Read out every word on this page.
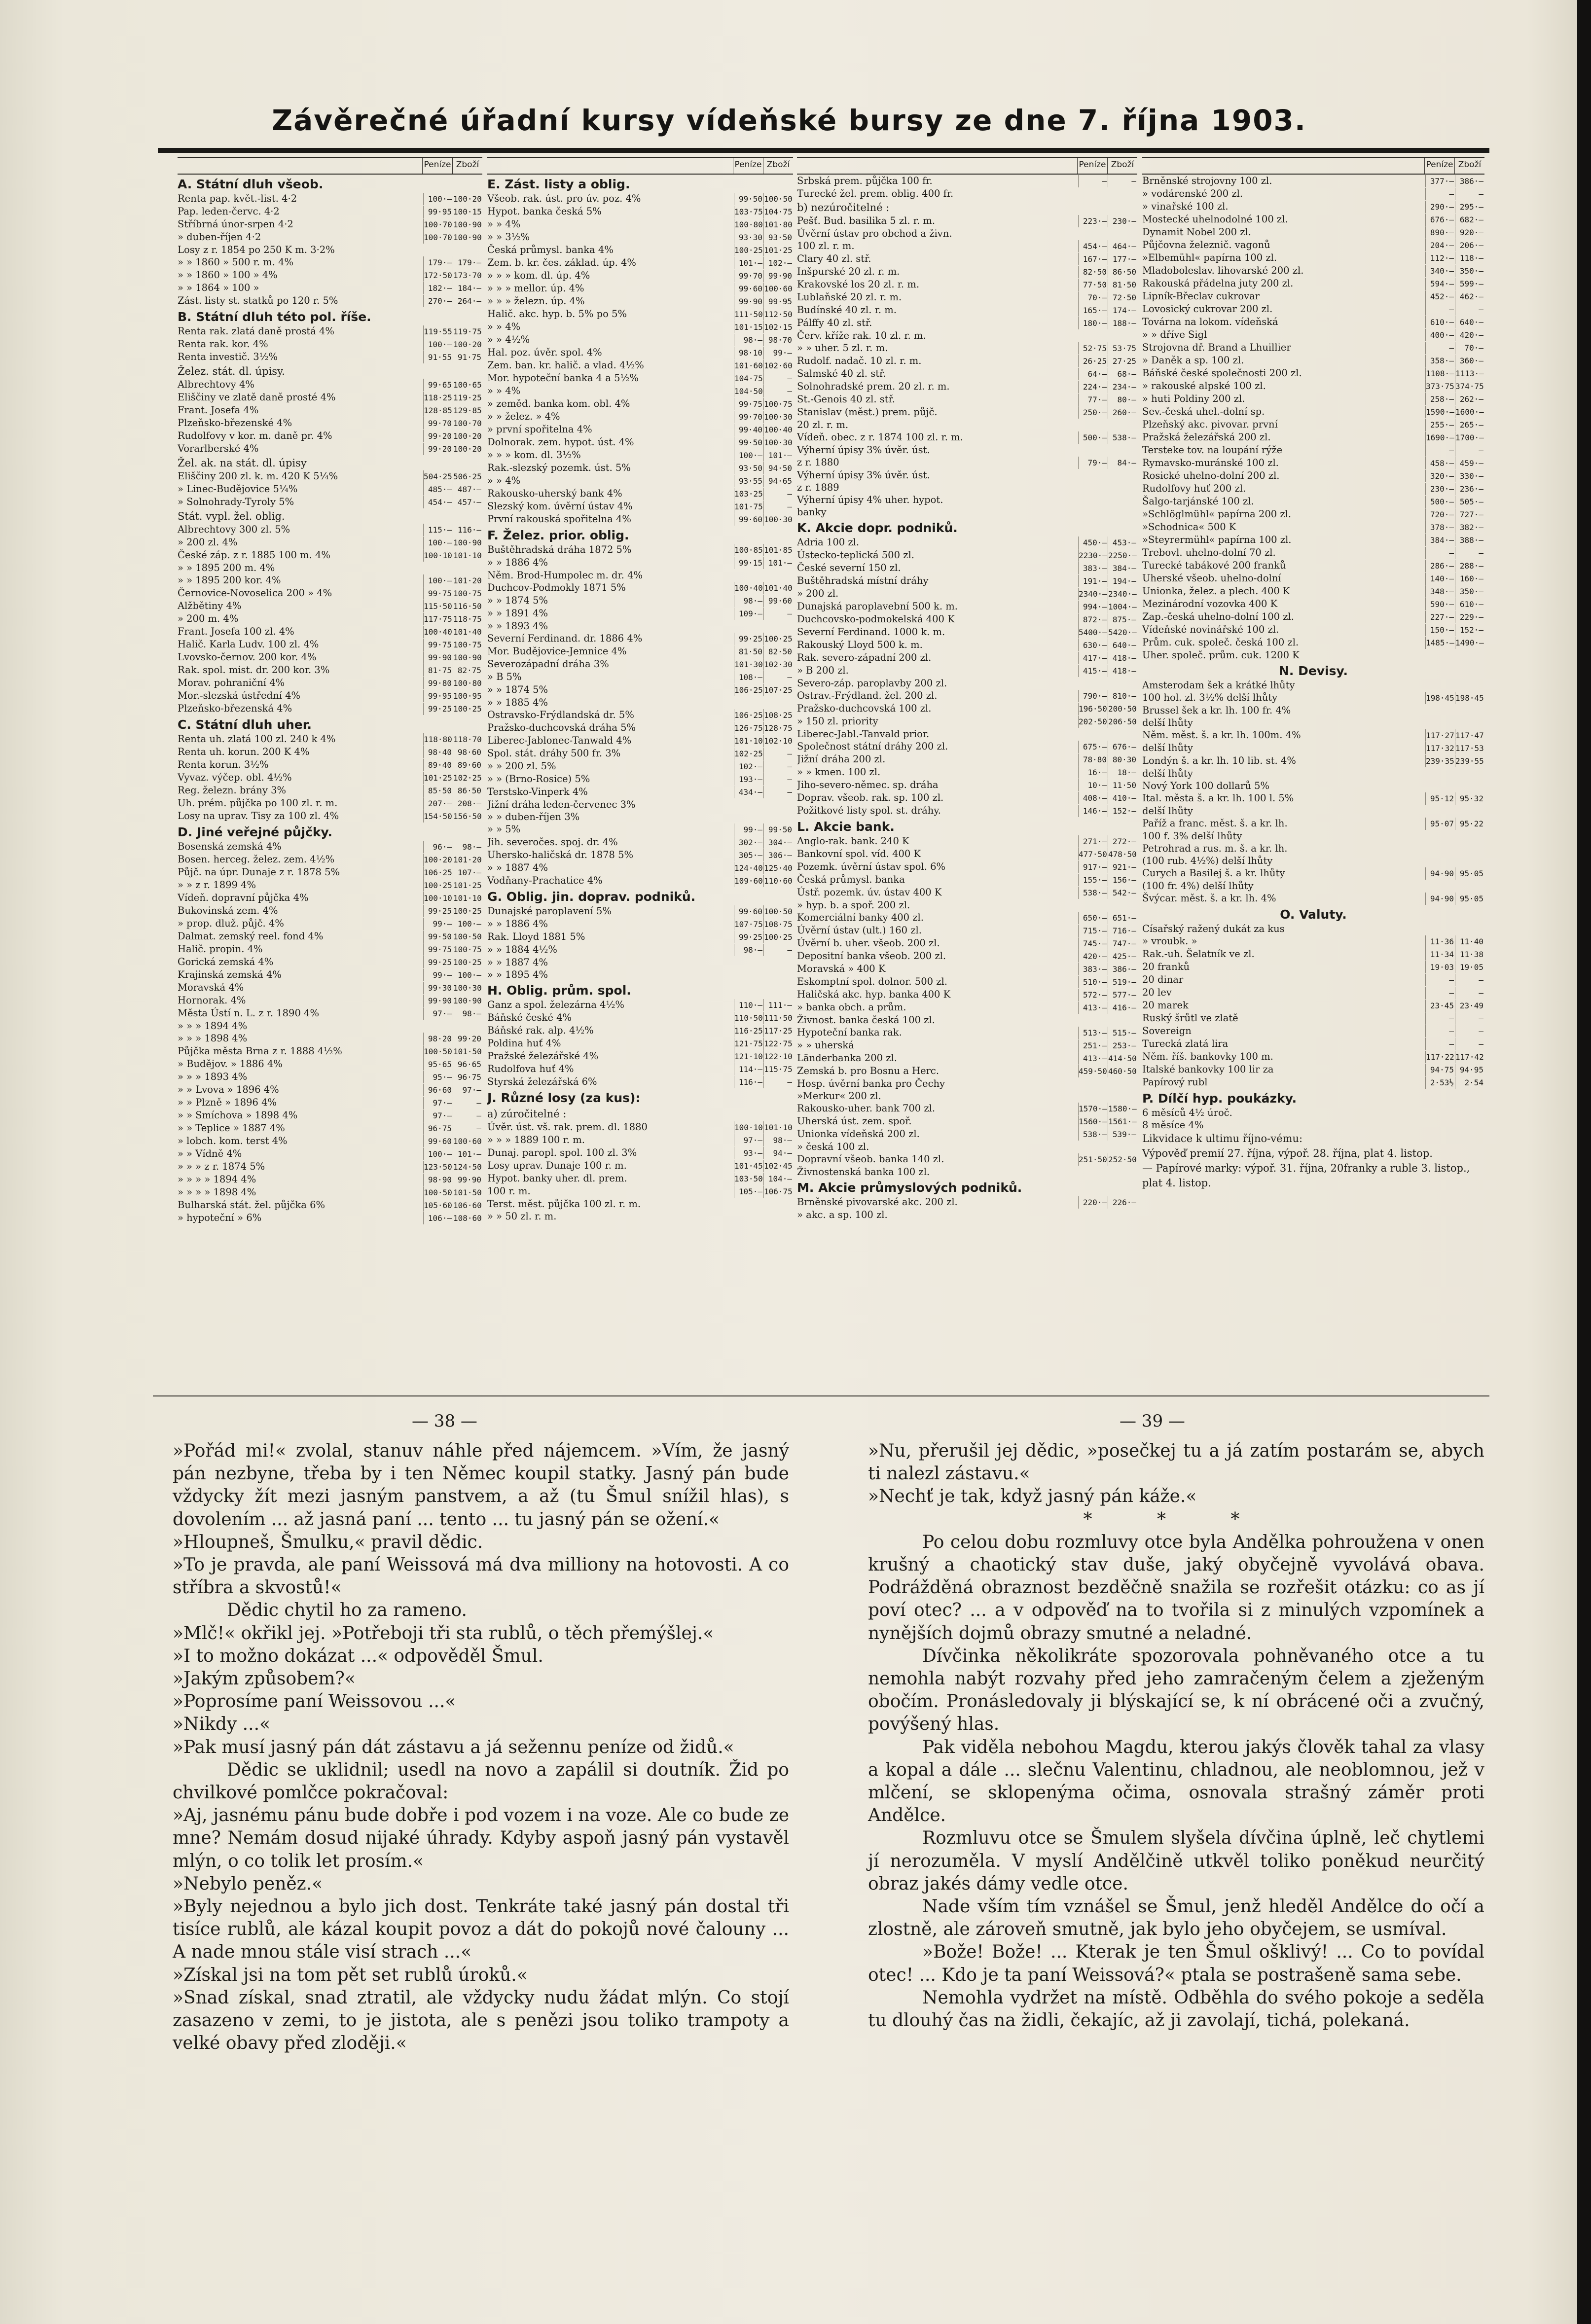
Závěrečné úřadní kursy vídeňské bursy ze dne 7. října 1903.
Peníze Zboží
A. Státní dluh všeob.
Renta pap. květ.-list. 4·2	100·— 100·20
Pap. leden-červc. 4·2	99·95 100·15
Stříbrná únor-srpen 4·2	100·70 100·90
» duben-říjen 4·2	100·70 100·90
Losy z r. 1854 po 250 K m. 3·2%
» » 1860 » 500 r. m. 4%	179·— 179·—
» » 1860 » 100 » 4%	172·50 173·70
» » 1864 » 100 »	182·— 184·—
Zást. listy st. statků po 120 r. 5%	270·— 264·—
B. Státní dluh této pol. říše.
Renta rak. zlatá daně prostá 4%	119·55 119·75
Renta rak. kor. 4%	100·— 100·20
Renta investič. 3½%	91·55 91·75
Želez. stát. dl. úpisy.
Albrechtovy 4%	99·65 100·65
Eliščiny ve zlatě daně prosté 4%	118·25 119·25
Frant. Josefa 4%	128·85 129·85
Plzeňsko-březenské 4%	99·70 100·70
Rudolfovy v kor. m. daně pr. 4%	99·20 100·20
Vorarlberské 4%	99·20 100·20
Žel. ak. na stát. dl. úpisy
Eliščiny 200 zl. k. m. 420 K 5¼%	504·25 506·25
» Linec-Budějovice 5¼%	485·— 487·—
» Solnohrady-Tyroly 5%	454·— 457·—
Stát. vypl. žel. oblig.
Albrechtovy 300 zl. 5%	115·— 116·—
» 200 zl. 4%	100·— 100·90
České záp. z r. 1885 100 m. 4%	100·10 101·10
» » 1895 200 m. 4%
» » 1895 200 kor. 4%	100·— 101·20
Černovice-Novoselica 200 » 4%	99·75 100·75
Alžbětiny 4%	115·50 116·50
» 200 m. 4%	117·75 118·75
Frant. Josefa 100 zl. 4%	100·40 101·40
Halič. Karla Ludv. 100 zl. 4%	99·75 100·75
Lvovsko-černov. 200 kor. 4%	99·90 100·90
Rak. spol. mist. dr. 200 kor. 3%	81·75 82·75
Morav. pohraniční 4%	99·80 100·80
Mor.-slezská ústřední 4%	99·95 100·95
Plzeňsko-březenská 4%	99·25 100·25
C. Státní dluh uher.
Renta uh. zlatá 100 zl. 240 k 4%	118·80 118·70
Renta uh. korun. 200 K 4%	98·40 98·60
Renta korun. 3½%	89·40 89·60
Vyvaz. výčep. obl. 4½%	101·25 102·25
Reg. železn. brány 3%	85·50 86·50
Uh. prém. půjčka po 100 zl. r. m.	207·— 208·—
Losy na uprav. Tisy za 100 zl. 4%	154·50 156·50
D. Jiné veřejné půjčky.
Bosenská zemská 4%	96·—	98·—
Bosen. herceg. želez. zem. 4½%	100·20 101·20
Půjč. na úpr. Dunaje z r. 1878 5%	106·25 107·—
» » z r. 1899 4%	100·25 101·25
Vídeň. dopravní půjčka 4%	100·10 101·10
Bukovinská zem. 4%	99·25 100·25
» prop. dluž. půjč. 4%	99·— 100·—
Dalmat. zemský reel. fond 4%	99·50 100·50
Halič. propin. 4%	99·75 100·75
Gorická zemská 4%	99·25 100·25
Krajinská zemská 4%	99·— 100·—
Moravská 4%	99·30 100·30
Hornorak. 4%	99·90 100·90
Města Ústí n. L. z r. 1890 4%	97·—	98·—
» » » 1894 4%
» » » 1898 4%	98·20 99·20
Půjčka města Brna z r. 1888 4½%	100·50 101·50
» Budějov. » 1886 4%	95·65 96·65
» » » 1893 4%	95·— 96·75
» » Lvova » 1896 4%	96·60	97·—
» » Plzně » 1896 4%	97·—	—
» » Smíchova » 1898 4%	97·—	—
» » Teplice » 1887 4%	96·75	—
» lobch. kom. terst 4%	99·60 100·60
» » Vídně 4%	100·— 101·—
» » » z r. 1874 5%	123·50 124·50
» » » » 1894 4%	98·90 99·90
» » » » 1898 4%	100·50 101·50
Bulharská stát. žel. půjčka 6%	105·60 106·60
» hypoteční » 6%	106·— 108·60
Peníze Zboží
E. Zást. listy a oblig.
Všeob. rak. úst. pro úv. poz. 4%	99·50 100·50
Hypot. banka česká 5%	103·75 104·75
» » 4%	100·80 101·80
» » 3½%	93·30 93·50
Česká průmysl. banka 4%	100·25 101·25
Zem. b. kr. čes. základ. úp. 4%	101·— 102·—
» » » kom. dl. úp. 4%	99·70 99·90
» » » mellor. úp. 4%	99·60 100·60
» » » železn. úp. 4%	99·90 99·95
Halič. akc. hyp. b. 5% po 5%	111·50 112·50
» » 4%	101·15 102·15
» » 4½%	98·— 98·70
Hal. poz. úvěr. spol. 4%	98·10	99·—
Zem. ban. kr. halič. a vlad. 4½%	101·60 102·60
Mor. hypoteční banka 4 a 5½%	104·75	—
» » 4%	104·50	—
» zeměd. banka kom. obl. 4%	99·75 100·75
» » želez. » 4%	99·70 100·30
» první spořitelna 4%	99·40 100·40
Dolnorak. zem. hypot. úst. 4%	99·50 100·30
» » » kom. dl. 3½%	100·— 101·—
Rak.-slezský pozemk. úst. 5%	93·50 94·50
» » 4%	93·55 94·65
Rakousko-uherský bank 4%	103·25	—
Slezský kom. úvěrní ústav 4%	101·75	—
První rakouská spořitelna 4%	99·60 100·30
F. Želez. prior. oblig.
Buštěhradská dráha 1872 5%	100·85 101·85
» » 1886 4%	99·15 101·—
Něm. Brod-Humpolec m. dr. 4%
Duchcov-Podmokly 1871 5%	100·40 101·40
» » 1874 5%	98·— 99·60
» » 1891 4%	109·—	—
» » 1893 4%
Severní Ferdinand. dr. 1886 4%	99·25 100·25
Mor. Budějovice-Jemnice 4%	81·50 82·50
Severozápadní dráha 3%	101·30 102·30
» B 5%	108·—	—
» » 1874 5%	106·25 107·25
» » 1885 4%
Ostravsko-Frýdlandská dr. 5%	106·25 108·25
Pražsko-duchcovská dráha 5%	126·75 128·75
Liberec-Jablonec-Tanwald 4%	101·10 102·10
Spol. stát. dráhy 500 fr. 3%	102·25	—
» » 200 zl. 5%	102·—	—
» » (Brno-Rosice) 5%	193·—	—
Terstsko-Vinperk 4%	434·—	—
Jižní dráha leden-červenec 3%
» » duben-říjen 3%
» » 5%	99·— 99·50
Jih. severočes. spoj. dr. 4%	302·— 304·—
Uhersko-haličská dr. 1878 5%	305·— 306·—
» » 1887 4%	124·40 125·40
Vodňany-Prachatice 4%	109·60 110·60
G. Oblig. jin. doprav. podniků.
Dunajské paroplavení 5%	99·60 100·50
» » 1886 4%	107·75 108·75
Rak. Lloyd 1881 5%	99·25 100·25
» » 1884 4½%	98·—	—
» » 1887 4%
» » 1895 4%
H. Oblig. prům. spol.
Ganz a spol. železárna 4½%	110·— 111·—
Báňské české 4%	110·50 111·50
Báňské rak. alp. 4½%	116·25 117·25
Poldina huť 4%	121·75 122·75
Pražské železářské 4%	121·10 122·10
Rudolfova huť 4%	114·— 115·75
Styrská železářská 6%	116·—	—
J. Různé losy (za kus):
a) zúročitelné :
Úvěr. úst. vš. rak. prem. dl. 1880	100·10 101·10
» » » 1889 100 r. m.	97·—	98·—
Dunaj. paropl. spol. 100 zl. 3%	93·—	94·—
Losy uprav. Dunaje 100 r. m.	101·45 102·45
Hypot. banky uher. dl. prem.	103·50 104·—
100 r. m.	105·— 106·75
Terst. měst. půjčka 100 zl. r. m.
» » 50 zl. r. m.
Peníze Zboží
Srbská prem. půjčka 100 fr.	—	—
Turecké žel. prem. oblig. 400 fr.
b) nezúročitelné :
Pešť. Bud. basilika 5 zl. r. m.	223·— 230·—
Úvěrní ústav pro obchod a živn.
100 zl. r. m.	454·— 464·—
Clary 40 zl. stř.	167·— 177·—
Inšpurské 20 zl. r. m.	82·50 86·50
Krakovské los 20 zl. r. m.	77·50 81·50
Lublaňské 20 zl. r. m.	70·— 72·50
Budínské 40 zl. r. m.	165·— 174·—
Pálffy 40 zl. stř.	180·— 188·—
Červ. kříže rak. 10 zl. r. m.
» » uher. 5 zl. r. m.	52·75 53·75
Rudolf. nadač. 10 zl. r. m.	26·25 27·25
Salmské 40 zl. stř.	64·—	68·—
Solnohradské prem. 20 zl. r. m.	224·— 234·—
St.-Genois 40 zl. stř.	77·—	80·—
Stanislav (měst.) prem. půjč.	250·— 260·—
20 zl. r. m.
Vídeň. obec. z r. 1874 100 zl. r. m.	500·— 538·—
Výherní úpisy 3% úvěr. úst.
z r. 1880	79·—	84·—
Výherní úpisy 3% úvěr. úst.
z r. 1889
Výherní úpisy 4% uher. hypot.
banky
K. Akcie dopr. podniků.
Adria 100 zl.	450·— 453·—
Ústecko-teplická 500 zl.	2230·— 2250·—
České severní 150 zl.	383·— 384·—
Buštěhradská místní dráhy	191·— 194·—
» 200 zl.	2340·— 2340·—
Dunajská paroplavební 500 k. m.	994·— 1004·—
Duchcovsko-podmokelská 400 K	872·— 875·—
Severní Ferdinand. 1000 k. m.	5400·— 5420·—
Rakouský Lloyd 500 k. m.	630·— 640·—
Rak. severo-západní 200 zl.	417·— 418·—
» B 200 zl.	415·— 418·—
Severo-záp. paroplavby 200 zl.
Ostrav.-Frýdland. žel. 200 zl.	790·— 810·—
Pražsko-duchcovská 100 zl.	196·50 200·50
» 150 zl. priority	202·50 206·50
Liberec-Jabl.-Tanvald prior.
Společnost státní dráhy 200 zl.	675·— 676·—
Jižní dráha 200 zl.	78·80 80·30
» » kmen. 100 zl.	16·—	18·—
Jiho-severo-němec. sp. dráha	10·— 11·50
Doprav. všeob. rak. sp. 100 zl.	408·— 410·—
Požitkové listy spol. st. dráhy.	146·— 152·—
L. Akcie bank.
Anglo-rak. bank. 240 K	271·— 272·—
Bankovní spol. víd. 400 K	477·50 478·50
Pozemk. úvěrní ústav spol. 6%	917·— 921·—
Česká průmysl. banka	155·— 156·—
Ústř. pozemk. úv. ústav 400 K	538·— 542·—
» hyp. b. a spoř. 200 zl.
Komerciální banky 400 zl.	650·— 651·—
Úvěrní ústav (ult.) 160 zl.	715·— 716·—
Úvěrní b. uher. všeob. 200 zl.	745·— 747·—
Depositní banka všeob. 200 zl.	420·— 425·—
Moravská » 400 K	383·— 386·—
Eskomptní spol. dolnor. 500 zl.	510·— 519·—
Haličská akc. hyp. banka 400 K	572·— 577·—
» banka obch. a prům.	413·— 416·—
Živnost. banka česká 100 zl.
Hypoteční banka rak.	513·— 515·—
» » uherská	251·— 253·—
Länderbanka 200 zl.	413·— 414·50
Zemská b. pro Bosnu a Herc.	459·50 460·50
Hosp. úvěrní banka pro Čechy
»Merkur« 200 zl.
Rakousko-uher. bank 700 zl.	1570·— 1580·—
Uherská úst. zem. spoř.	1560·— 1561·—
Unionka vídeňská 200 zl.	538·— 539·—
» česká 100 zl.
Dopravní všeob. banka 140 zl.	251·50 252·50
Živnostenská banka 100 zl.
M. Akcie průmyslových podniků.
Brněnské pivovarské akc. 200 zl.	220·— 226·—
» akc. a sp. 100 zl.
Peníze Zboží
Brněnské strojovny 100 zl.	377·— 386·—
» vodárenské 200 zl.	—	—
» vinařské 100 zl.	290·— 295·—
Mostecké uhelnodolné 100 zl.	676·— 682·—
Dynamit Nobel 200 zl.	890·— 920·—
Půjčovna železnič. vagonů	204·— 206·—
»Elbemühl« papírna 100 zl.	112·— 118·—
Mladoboleslav. lihovarské 200 zl.	340·— 350·—
Rakouská přádelna juty 200 zl.	594·— 599·—
Lipník-Břeclav cukrovar	452·— 462·—
Lovosický cukrovar 200 zl.	—	—
Továrna na lokom. vídeňská	610·— 640·—
» » dříve Sigl	400·— 420·—
Strojovna dř. Brand a Lhuillier	—	70·—
» Daněk a sp. 100 zl.	358·— 360·—
Báňské české společnosti 200 zl.	1108·— 1113·—
» rakouské alpské 100 zl.	373·75 374·75
» huti Poldiny 200 zl.	258·— 262·—
Sev.-česká uhel.-dolní sp.	1590·— 1600·—
Plzeňský akc. pivovar. první	255·— 265·—
Pražská železářská 200 zl.	1690·— 1700·—
Tersteke tov. na loupání rýže	—	—
Rymavsko-muránské 100 zl.	458·— 459·—
Rosické uhelno-dolní 200 zl.	320·— 330·—
Rudolfovy huť 200 zl.	230·— 236·—
Šalgo-tarjánské 100 zl.	500·— 505·—
»Schlöglmühl« papírna 200 zl.	720·— 727·—
»Schodnica« 500 K	378·— 382·—
»Steyrermühl« papírna 100 zl.	384·— 388·—
Trebovl. uhelno-dolní 70 zl.	—	—
Turecké tabákové 200 franků	286·— 288·—
Uherské všeob. uhelno-dolní	140·— 160·—
Unionka, želez. a plech. 400 K	348·— 350·—
Mezinárodní vozovka 400 K	590·— 610·—
Zap.-česká uhelno-dolní 100 zl.	227·— 229·—
Vídeňské novinářské 100 zl.	150·— 152·—
Prům. cuk. společ. česká 100 zl.	1485·— 1490·—
Uher. společ. prům. cuk. 1200 K
N. Devisy.
Amsterodam šek a krátké lhůty
100 hol. zl. 3½% delší lhůty	198·45 198·45
Brussel šek a kr. lh. 100 fr. 4%
delší lhůty
Něm. měst. š. a kr. lh. 100m. 4%	117·27 117·47
delší lhůty	117·32 117·53
Londýn š. a kr. lh. 10 lib. st. 4%	239·35 239·55
delší lhůty
Nový York 100 dollarů 5%
Ital. města š. a kr. lh. 100 l. 5%	95·12 95·32
delší lhůty
Paříž a franc. měst. š. a kr. lh.	95·07 95·22
100 f. 3% delší lhůty
Petrohrad a rus. m. š. a kr. lh.
(100 rub. 4½%) delší lhůty
Curych a Basilej š. a kr. lhůty	94·90 95·05
(100 fr. 4%) delší lhůty
Švýcar. měst. š. a kr. lh. 4%	94·90 95·05
O. Valuty.
Císařský ražený dukát za kus
» vroubk. »	11·36 11·40
Rak.-uh. Šelatník ve zl.	11·34 11·38
20 franků	19·03 19·05
20 dinar	—	—
20 lev	—	—
20 marek	23·45 23·49
Ruský šrůtl ve zlatě	—	—
Sovereign	—	—
Turecká zlatá lira	—	—
Něm. říš. bankovky 100 m.	117·22 117·42
Italské bankovky 100 lir za	94·75 94·95
Papírový rubl	2·53½	2·54
P. Dílčí hyp. poukázky.
6 měsíců 4½ úroč.
8 měsíce 4%
Likvidace k ultimu říjno-vému:
Výpověď premií 27. října, výpoř. 28. října, plat 4. listop.
— Papírové marky: výpoř. 31. října, 20franky a ruble 3. listop., plat 4. listop.
— 38 —	— 39 —

»Pořád mi!« zvolal, stanuv náhle před nájemcem. »Vím, že jasný pán nezbyne, třeba by i ten Němec koupil statky. Jasný pán bude vždycky žít mezi jasným panstvem, a až (tu Šmul snížil hlas), s dovolením ... až jasná paní ... tento ... tu jasný pán se ožení.«

»Hloupneš, Šmulku,« pravil dědic.

»To je pravda, ale paní Weissová má dva milliony na hotovosti. A co stříbra a skvostů!«

Dědic chytil ho za rameno.

»Mlč!« okřikl jej. »Potřeboji tři sta rublů, o těch přemýšlej.«

»I to možno dokázat ...« odpověděl Šmul.

»Jakým způsobem?«

»Poprosíme paní Weissovou ...«

»Nikdy ...«

»Pak musí jasný pán dát zástavu a já sežennu peníze od židů.«

Dědic se uklidnil; usedl na novo a zapálil si doutník. Žid po chvilkové pomlčce pokračoval:

»Aj, jasnému pánu bude dobře i pod vozem i na voze. Ale co bude ze mne? Nemám dosud nijaké úhrady. Kdyby aspoň jasný pán vystavěl mlýn, o co tolik let prosím.«

»Nebylo peněz.«

»Byly nejednou a bylo jich dost. Tenkráte také jasný pán dostal tři tisíce rublů, ale kázal koupit povoz a dát do pokojů nové čalouny ... A nade mnou stále visí strach ...«

»Získal jsi na tom pět set rublů úroků.«

»Snad získal, snad ztratil, ale vždycky nudu žádat mlýn. Co stojí zasazeno v zemi, to je jistota, ale s penězi jsou toliko trampoty a velké obavy před zloději.«

»Nu, přerušil jej dědic, »posečkej tu a já zatím postarám se, abych ti nalezl zástavu.«

»Nechť je tak, když jasný pán káže.«

* * *

Po celou dobu rozmluvy otce byla Andělka pohroužena v onen krušný a chaotický stav duše, jaký obyčejně vyvolává obava. Podrážděná obraznost bezděčně snažila se rozřešit otázku: co as jí poví otec? ... a v odpověď na to tvořila si z minulých vzpomínek a nynějších dojmů obrazy smutné a neladné.

Dívčinka několikráte spozorovala pohněvaného otce a tu nemohla nabýt rozvahy před jeho zamračeným čelem a zježeným obočím. Pronásledovaly ji blýskající se, k ní obrácené oči a zvučný, povýšený hlas.

Pak viděla nebohou Magdu, kterou jakýs člověk tahal za vlasy a kopal a dále ... slečnu Valentinu, chladnou, ale neoblomnou, jež v mlčení, se sklopenýma očima, osnovala strašný záměr proti Andělce.

Rozmluvu otce se Šmulem slyšela dívčina úplně, leč chytlemi jí nerozuměla. V myslí Andělčině utkvěl toliko poněkud neurčitý obraz jakés dámy vedle otce.

Nade vším tím vznášel se Šmul, jenž hleděl Andělce do očí a zlostně, ale zároveň smutně, jak bylo jeho obyčejem, se usmíval.

»Bože! Bože! ... Kterak je ten Šmul ošklivý! ... Co to povídal otec! ... Kdo je ta paní Weissová?« ptala se postrašeně sama sebe.

Nemohla vydržet na místě. Odběhla do svého pokoje a seděla tu dlouhý čas na židli, čekajíc, až ji zavolají, tichá, polekaná.
